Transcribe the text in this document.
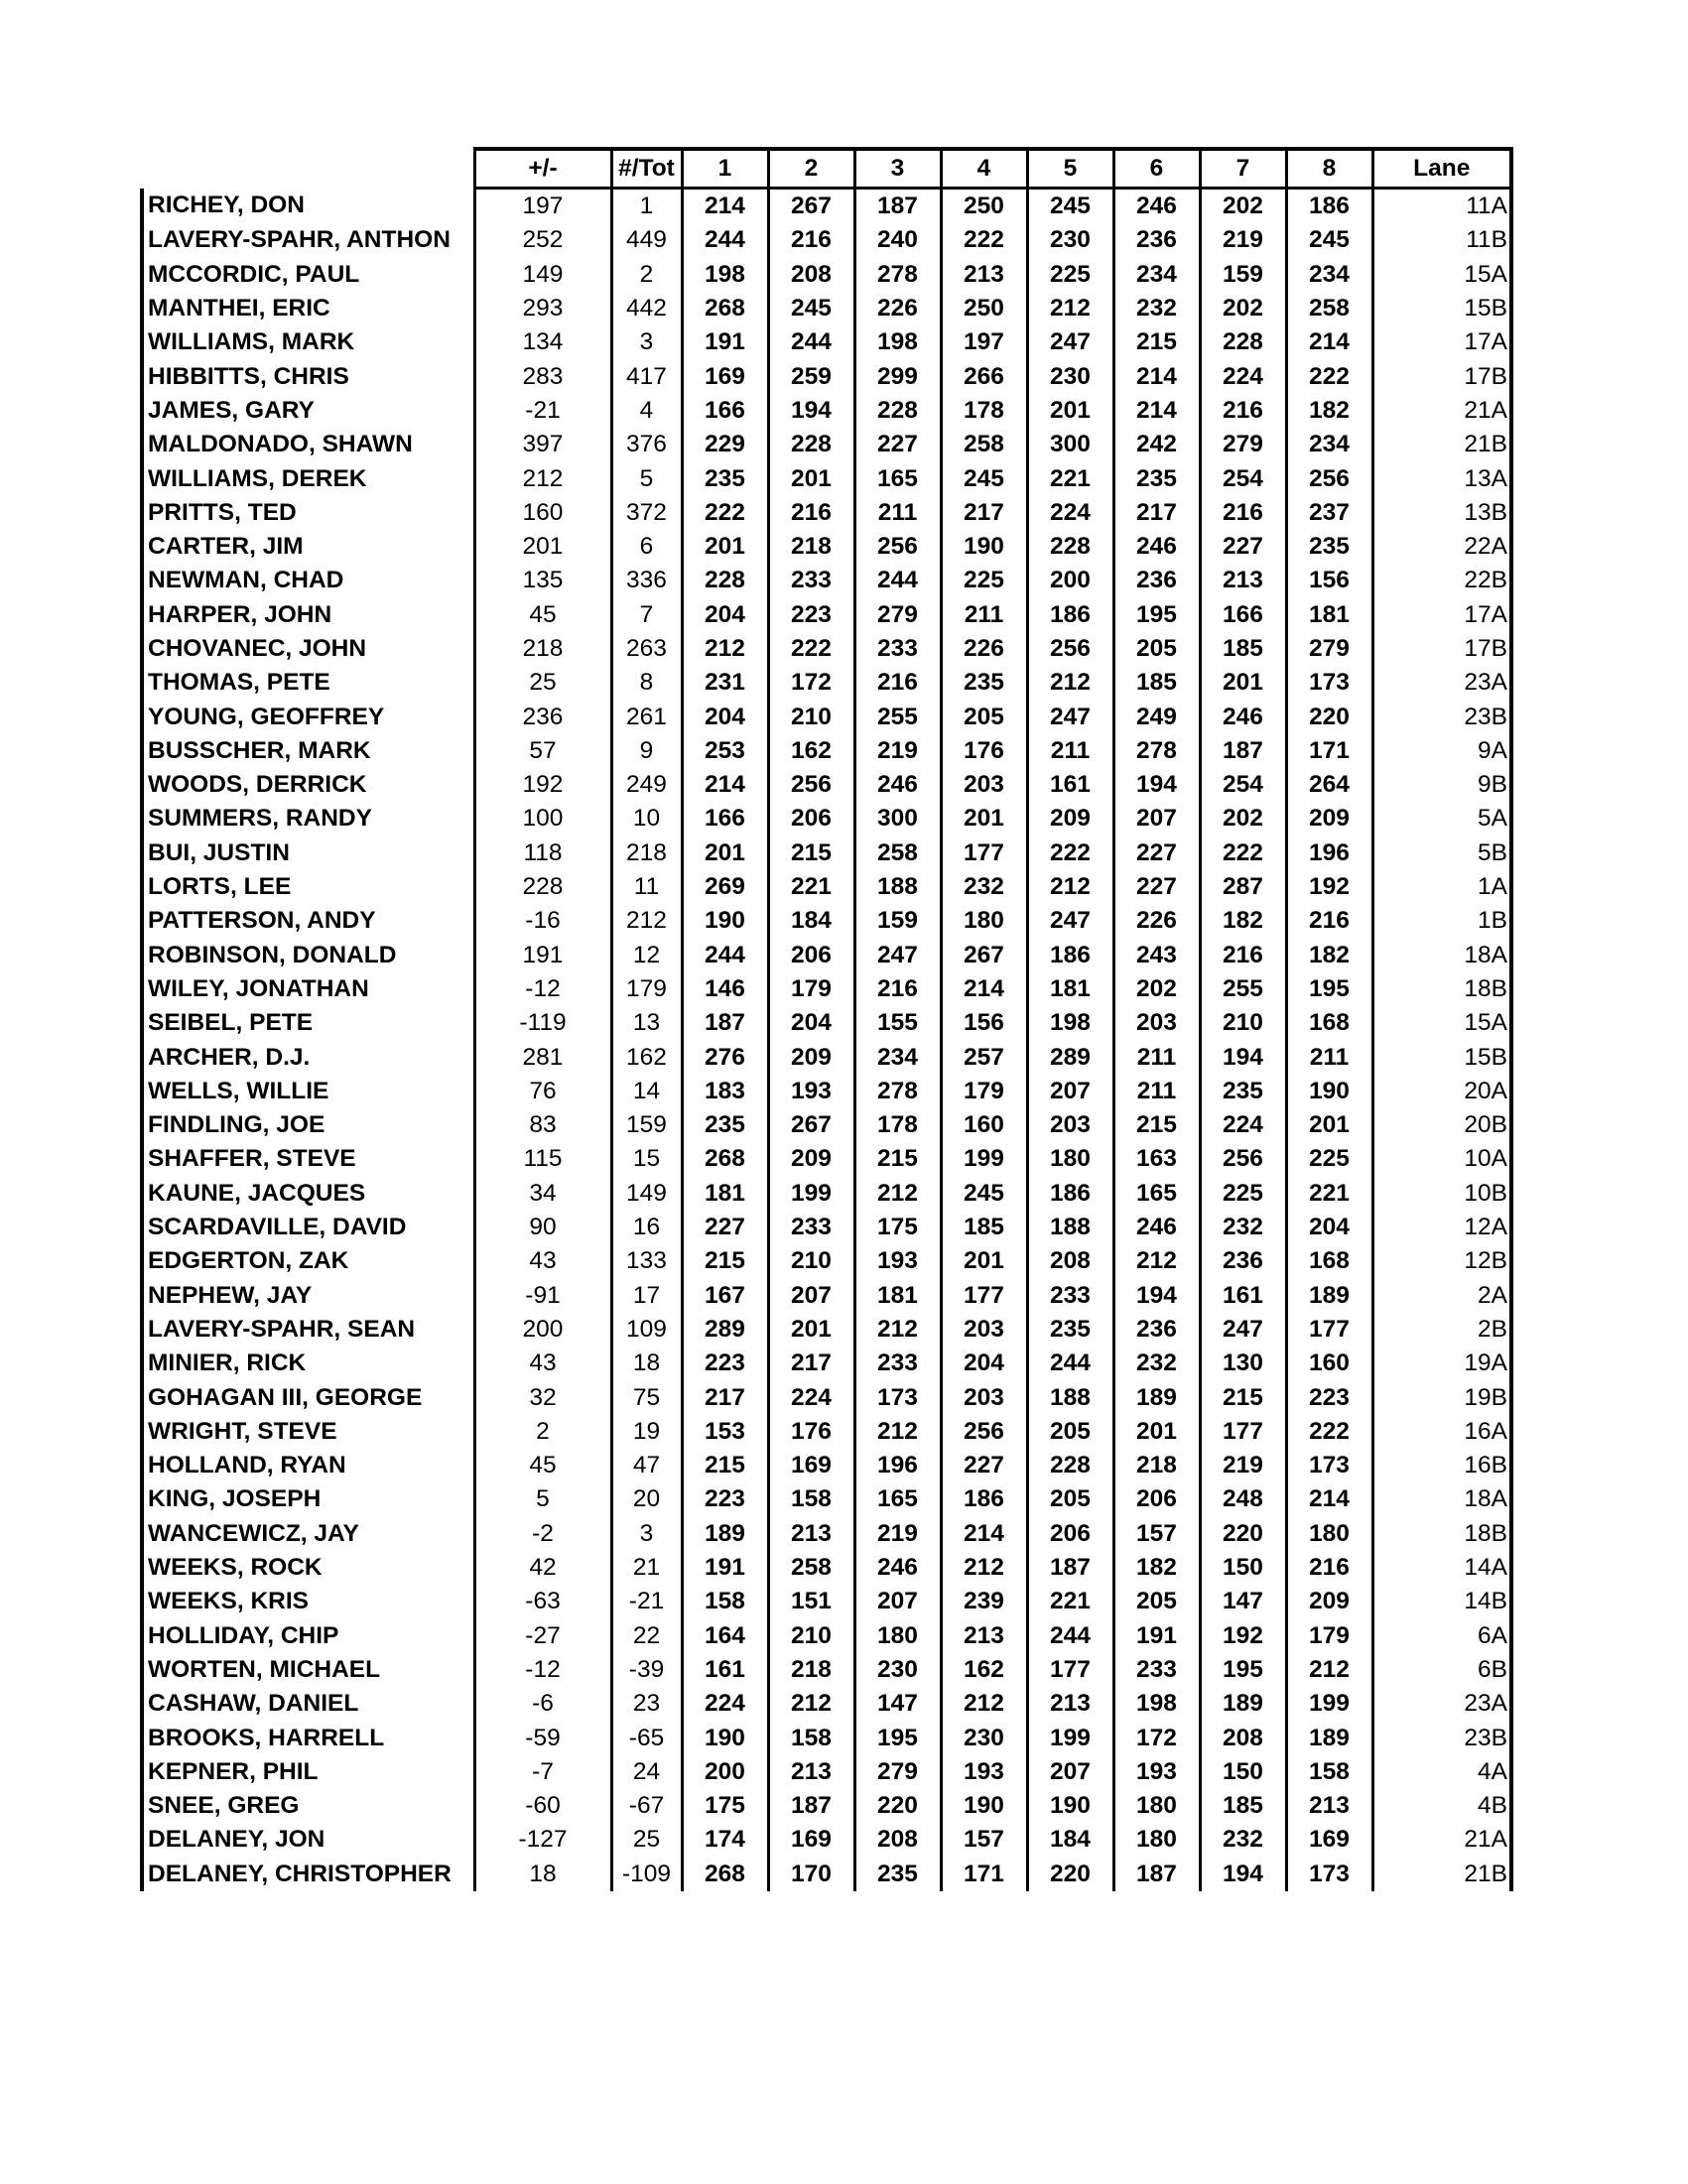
	+/-	#/Tot	1	2	3	4	5	6	7	8	Lane
RICHEY, DON	197	1	214	267	187	250	245	246	202	186	11A
LAVERY-SPAHR, ANTHON	252	449	244	216	240	222	230	236	219	245	11B
MCCORDIC, PAUL	149	2	198	208	278	213	225	234	159	234	15A
MANTHEI, ERIC	293	442	268	245	226	250	212	232	202	258	15B
WILLIAMS, MARK	134	3	191	244	198	197	247	215	228	214	17A
HIBBITTS, CHRIS	283	417	169	259	299	266	230	214	224	222	17B
JAMES, GARY	-21	4	166	194	228	178	201	214	216	182	21A
MALDONADO, SHAWN	397	376	229	228	227	258	300	242	279	234	21B
WILLIAMS, DEREK	212	5	235	201	165	245	221	235	254	256	13A
PRITTS, TED	160	372	222	216	211	217	224	217	216	237	13B
CARTER, JIM	201	6	201	218	256	190	228	246	227	235	22A
NEWMAN, CHAD	135	336	228	233	244	225	200	236	213	156	22B
HARPER, JOHN	45	7	204	223	279	211	186	195	166	181	17A
CHOVANEC, JOHN	218	263	212	222	233	226	256	205	185	279	17B
THOMAS, PETE	25	8	231	172	216	235	212	185	201	173	23A
YOUNG, GEOFFREY	236	261	204	210	255	205	247	249	246	220	23B
BUSSCHER, MARK	57	9	253	162	219	176	211	278	187	171	9A
WOODS, DERRICK	192	249	214	256	246	203	161	194	254	264	9B
SUMMERS, RANDY	100	10	166	206	300	201	209	207	202	209	5A
BUI, JUSTIN	118	218	201	215	258	177	222	227	222	196	5B
LORTS, LEE	228	11	269	221	188	232	212	227	287	192	1A
PATTERSON, ANDY	-16	212	190	184	159	180	247	226	182	216	1B
ROBINSON, DONALD	191	12	244	206	247	267	186	243	216	182	18A
WILEY, JONATHAN	-12	179	146	179	216	214	181	202	255	195	18B
SEIBEL, PETE	-119	13	187	204	155	156	198	203	210	168	15A
ARCHER, D.J.	281	162	276	209	234	257	289	211	194	211	15B
WELLS, WILLIE	76	14	183	193	278	179	207	211	235	190	20A
FINDLING, JOE	83	159	235	267	178	160	203	215	224	201	20B
SHAFFER, STEVE	115	15	268	209	215	199	180	163	256	225	10A
KAUNE, JACQUES	34	149	181	199	212	245	186	165	225	221	10B
SCARDAVILLE, DAVID	90	16	227	233	175	185	188	246	232	204	12A
EDGERTON, ZAK	43	133	215	210	193	201	208	212	236	168	12B
NEPHEW, JAY	-91	17	167	207	181	177	233	194	161	189	2A
LAVERY-SPAHR, SEAN	200	109	289	201	212	203	235	236	247	177	2B
MINIER, RICK	43	18	223	217	233	204	244	232	130	160	19A
GOHAGAN III, GEORGE	32	75	217	224	173	203	188	189	215	223	19B
WRIGHT, STEVE	2	19	153	176	212	256	205	201	177	222	16A
HOLLAND, RYAN	45	47	215	169	196	227	228	218	219	173	16B
KING, JOSEPH	5	20	223	158	165	186	205	206	248	214	18A
WANCEWICZ, JAY	-2	3	189	213	219	214	206	157	220	180	18B
WEEKS, ROCK	42	21	191	258	246	212	187	182	150	216	14A
WEEKS, KRIS	-63	-21	158	151	207	239	221	205	147	209	14B
HOLLIDAY, CHIP	-27	22	164	210	180	213	244	191	192	179	6A
WORTEN, MICHAEL	-12	-39	161	218	230	162	177	233	195	212	6B
CASHAW, DANIEL	-6	23	224	212	147	212	213	198	189	199	23A
BROOKS, HARRELL	-59	-65	190	158	195	230	199	172	208	189	23B
KEPNER, PHIL	-7	24	200	213	279	193	207	193	150	158	4A
SNEE, GREG	-60	-67	175	187	220	190	190	180	185	213	4B
DELANEY, JON	-127	25	174	169	208	157	184	180	232	169	21A
DELANEY, CHRISTOPHER	18	-109	268	170	235	171	220	187	194	173	21B
